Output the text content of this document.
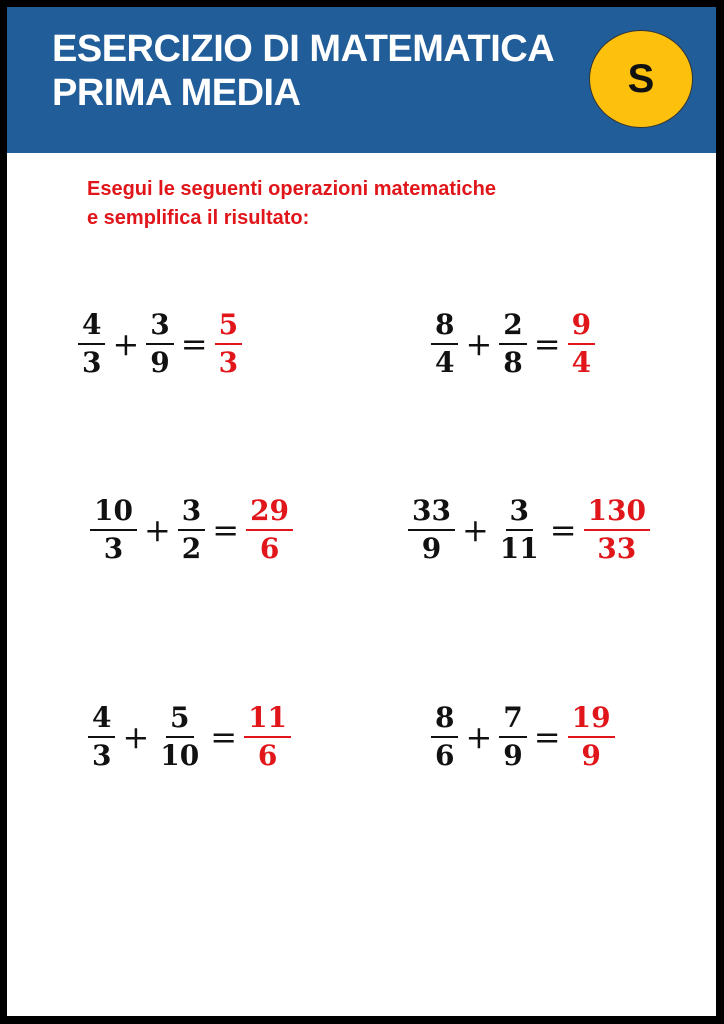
ESERCIZIO DI MATEMATICA
PRIMA MEDIA	S
Esegui le seguenti operazioni matematiche
e semplifica il risultato:
$\frac{4}{3} + \frac{3}{9} = \frac{5}{3}$	$\frac{8}{4} + \frac{2}{8} = \frac{9}{4}$
$\frac{10}{3} + \frac{3}{2} = \frac{29}{6}$	$\frac{33}{9} + \frac{3}{11} = \frac{130}{33}$
$\frac{4}{3} + \frac{5}{10} = \frac{11}{6}$	$\frac{8}{6} + \frac{7}{9} = \frac{19}{9}$
